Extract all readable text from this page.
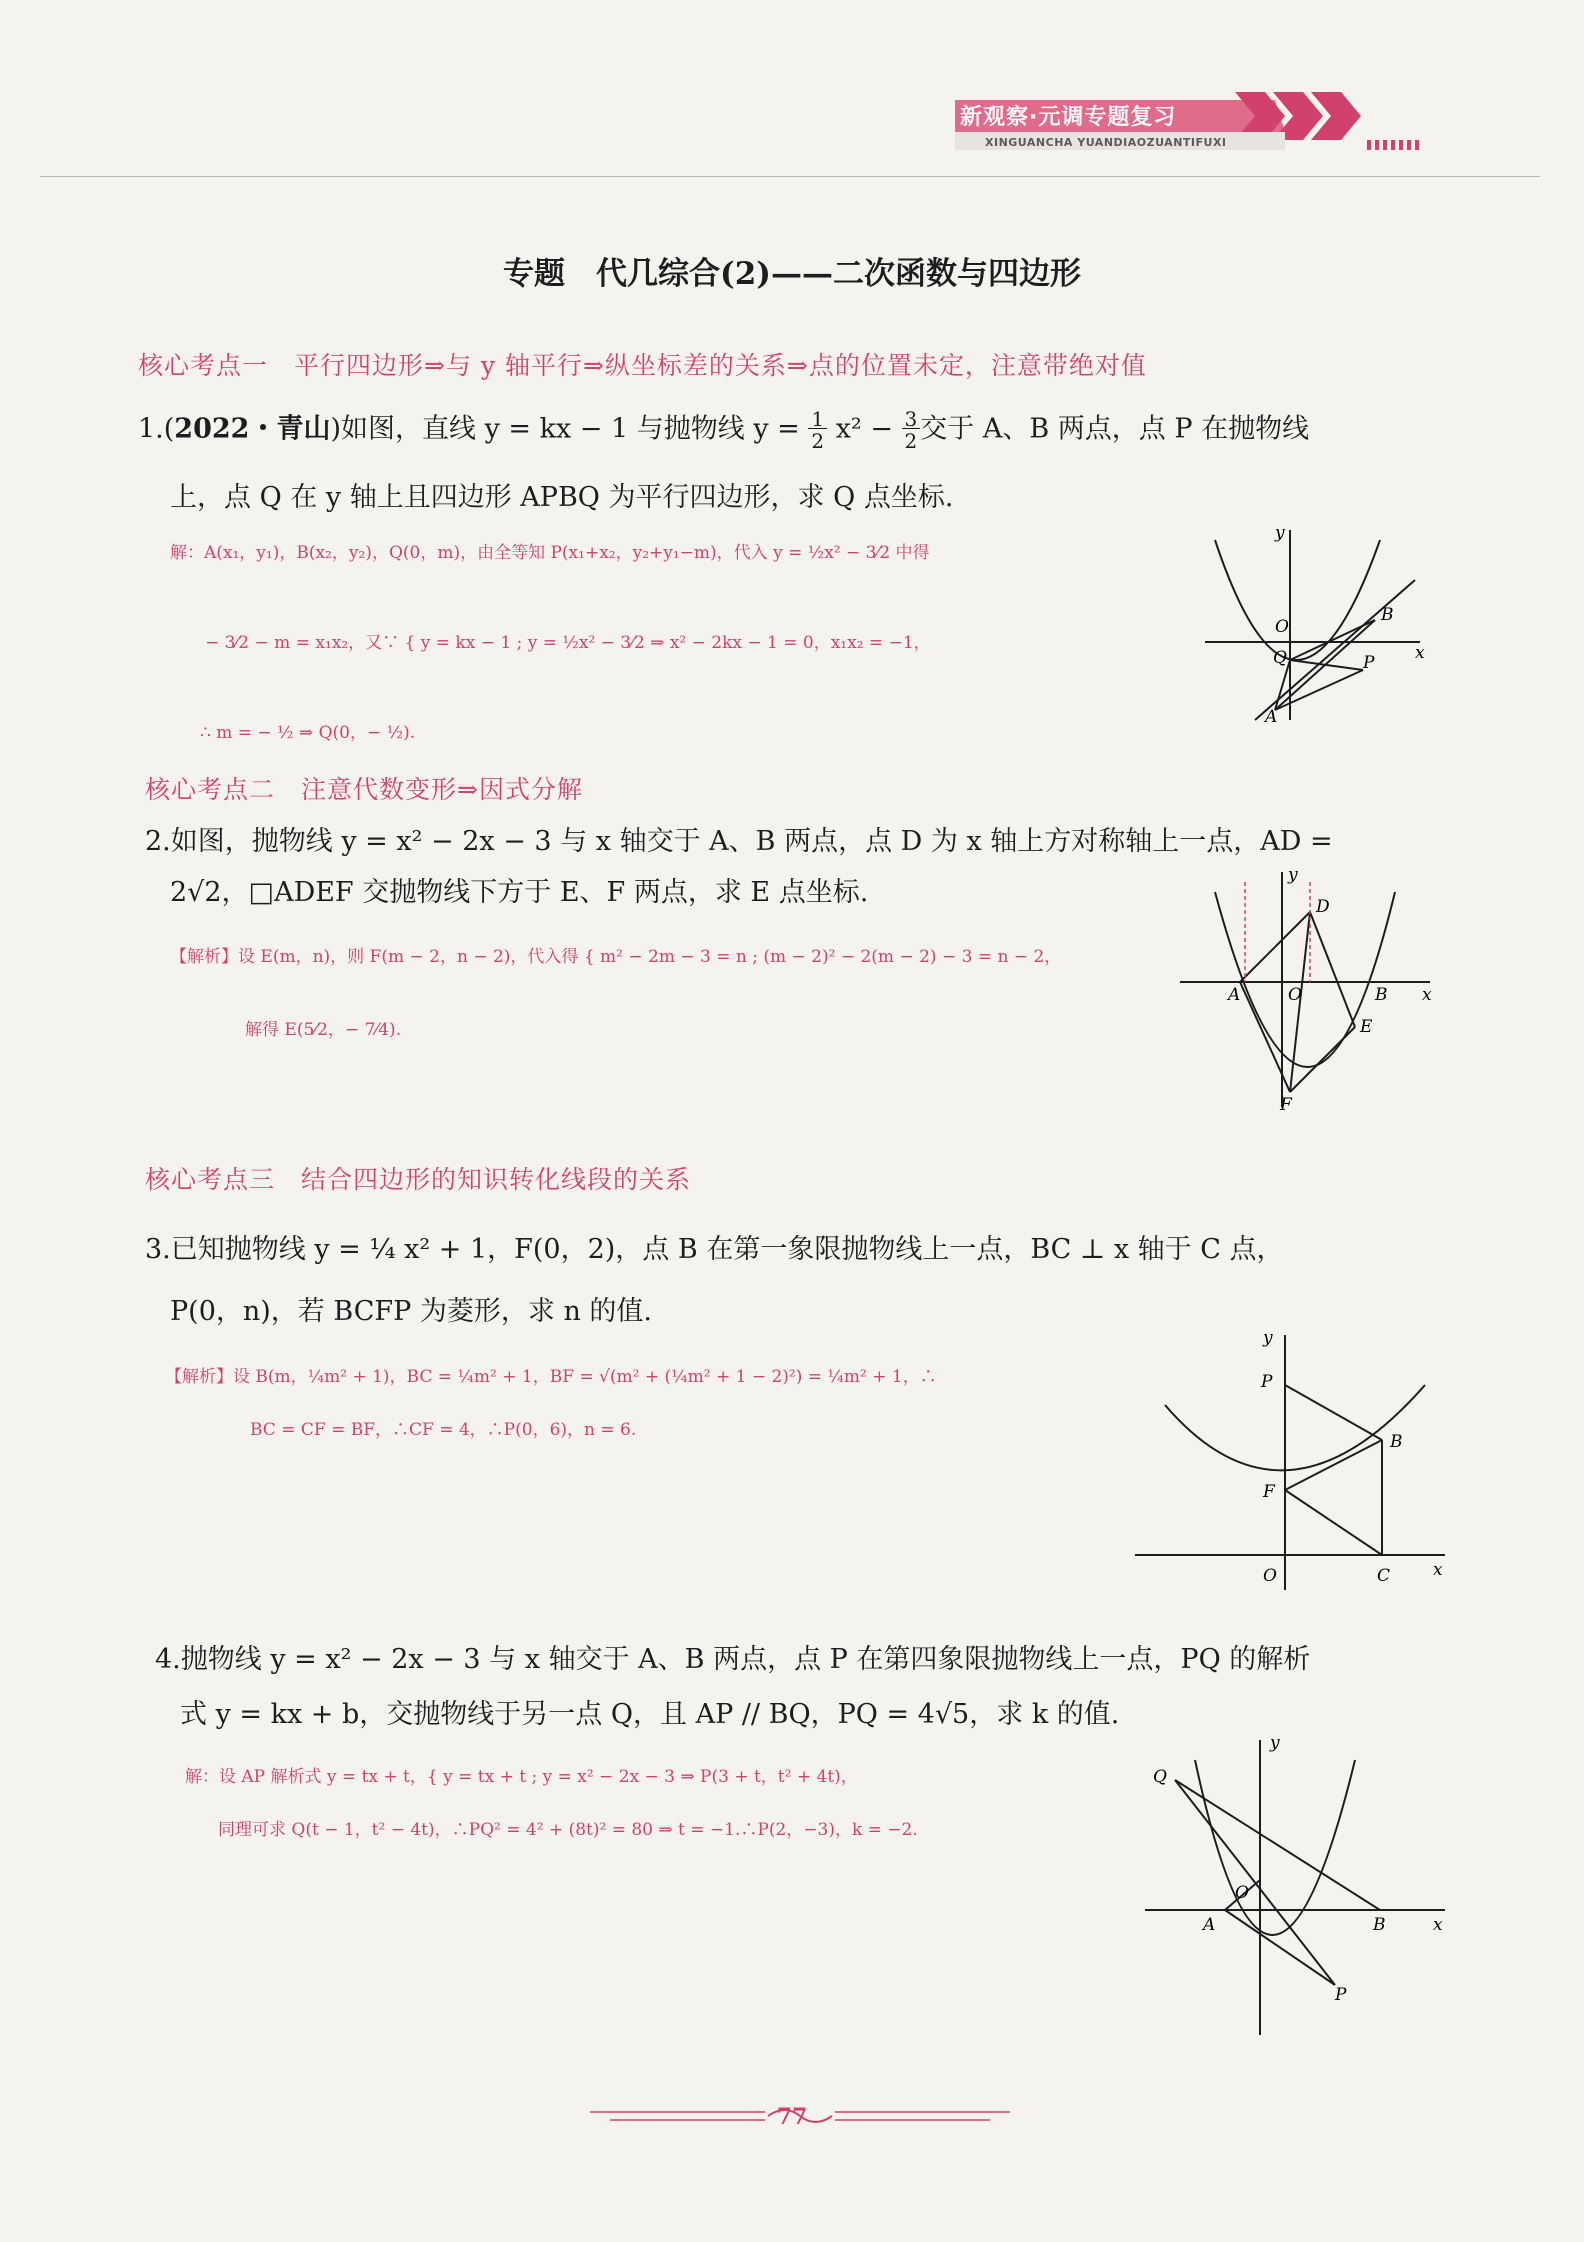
新观察·元调专题复习
XINGUANCHA YUANDIAOZUANTIFUXI
专题　代几综合(2)——二次函数与四边形
核心考点一　平行四边形⇒与 y 轴平行⇒纵坐标差的关系⇒点的位置未定，注意带绝对值
1.(2022・青山)如图，直线 y = kx − 1 与抛物线 y = 1
2 x² − 3
2 交于 A、B 两点，点 P 在抛物线
上，点 Q 在 y 轴上且四边形 APBQ 为平行四边形，求 Q 点坐标.
解：A(x₁，y₁)，B(x₂，y₂)，Q(0，m)，由全等知 P(x₁+x₂，y₂+y₁−m)，代入 y = ½x² − 3⁄2 中得
− 3⁄2 − m = x₁x₂，又∵ { y = kx − 1 ; y = ½x² − 3⁄2 ⇒ x² − 2kx − 1 = 0，x₁x₂ = −1，
∴ m = − ½ ⇒ Q(0，− ½).
y
O
B
x
Q	P
A
核心考点二　注意代数变形⇒因式分解
2.如图，抛物线 y = x² − 2x − 3 与 x 轴交于 A、B 两点，点 D 为 x 轴上方对称轴上一点，AD =
2√2，□ADEF 交抛物线下方于 E、F 两点，求 E 点坐标.
【解析】设 E(m，n)，则 F(m − 2，n − 2)，代入得 { m² − 2m − 3 = n ; (m − 2)² − 2(m − 2) − 3 = n − 2，
解得 E(5⁄2，− 7⁄4).
y
D
A	O	B x
E
F
核心考点三　结合四边形的知识转化线段的关系
3.已知抛物线 y = ¼ x² + 1，F(0，2)，点 B 在第一象限抛物线上一点，BC ⊥ x 轴于 C 点，
P(0，n)，若 BCFP 为菱形，求 n 的值.
【解析】设 B(m，¼m² + 1)，BC = ¼m² + 1，BF = √(m² + (¼m² + 1 − 2)²) = ¼m² + 1，∴
BC = CF = BF，∴CF = 4，∴P(0，6)，n = 6.
y
P
B
F
O	C	x
4.抛物线 y = x² − 2x − 3 与 x 轴交于 A、B 两点，点 P 在第四象限抛物线上一点，PQ 的解析
式 y = kx + b，交抛物线于另一点 Q，且 AP // BQ，PQ = 4√5，求 k 的值.
解：设 AP 解析式 y = tx + t，{ y = tx + t ; y = x² − 2x − 3 ⇒ P(3 + t，t² + 4t)，
同理可求 Q(t − 1，t² − 4t)，∴PQ² = 4² + (8t)² = 80 ⇒ t = −1.∴P(2，−3)，k = −2.
y
Q
O
A	B	x
P
77
